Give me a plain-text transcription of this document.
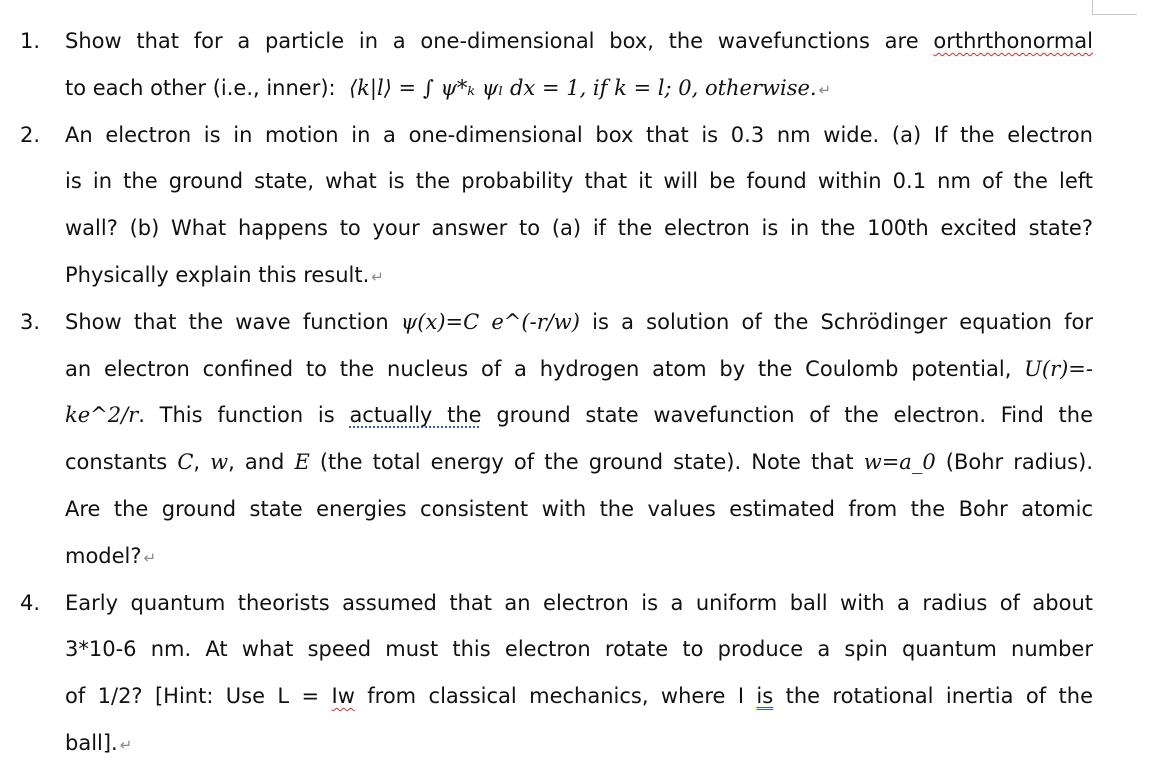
1. Show that for a particle in a one-dimensional box, the wavefunctions are orthrthonormal
to each other (i.e., inner): ⟨k|l⟩ = ∫ ψ*ₖ ψₗ dx = 1, if k = l; 0, otherwise. ↵
2. An electron is in motion in a one-dimensional box that is 0.3 nm wide. (a) If the electron
is in the ground state, what is the probability that it will be found within 0.1 nm of the left
wall? (b) What happens to your answer to (a) if the electron is in the 100th excited state?
Physically explain this result. ↵
3. Show that the wave function ψ(x)=C e^(-r/w) is a solution of the Schrödinger equation for
an electron confined to the nucleus of a hydrogen atom by the Coulomb potential, U(r)=-
ke^2/r. This function is actually the ground state wavefunction of the electron. Find the
constants C, w, and E (the total energy of the ground state). Note that w=a_0 (Bohr radius).
Are the ground state energies consistent with the values estimated from the Bohr atomic
model? ↵
4. Early quantum theorists assumed that an electron is a uniform ball with a radius of about
3*10-6 nm. At what speed must this electron rotate to produce a spin quantum number
of 1/2? [Hint: Use L = Iw from classical mechanics, where I is the rotational inertia of the
ball]. ↵
